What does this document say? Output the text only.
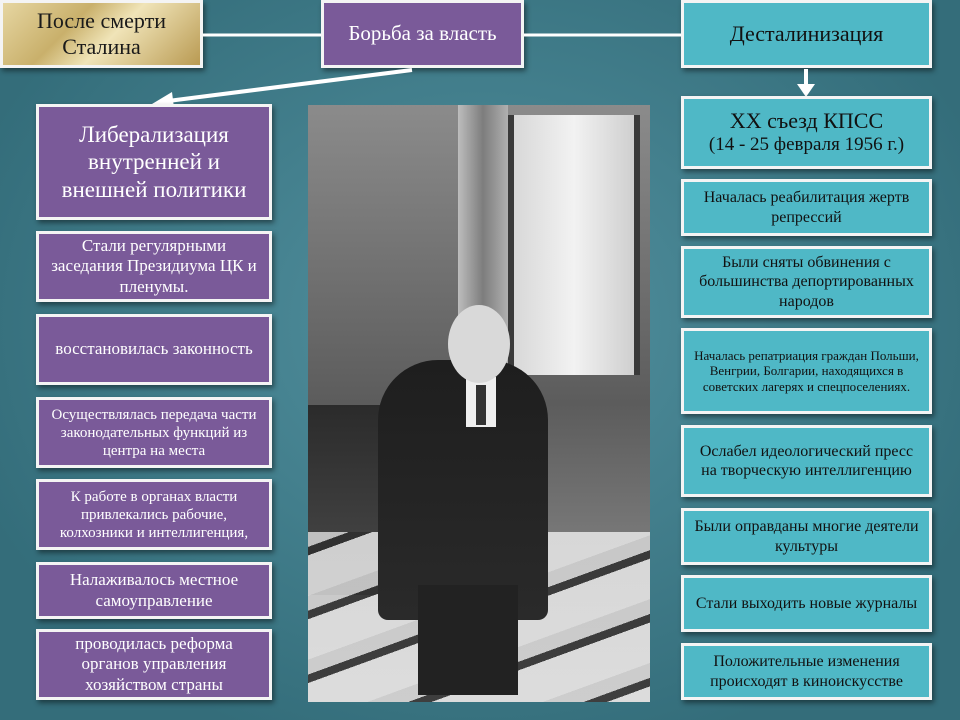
После смерти
Сталина
Борьба за власть	Десталинизация
Либерализация внутренней и внешней политики
Стали регулярными заседания Президиума ЦК и пленумы.
восстановилась законность
Осуществлялась передача части законодательных функций из центра на места
К работе в органах власти привлекались рабочие, колхозники и интеллигенция,
Налаживалось местное самоуправление
проводилась реформа органов управления хозяйством страны
XX съезд КПСС
(14 - 25 февраля 1956 г.)
Началась реабилитация жертв репрессий
Были сняты обвинения с большинства депортированных народов
Началась репатриация граждан Польши, Венгрии, Болгарии, находящихся в советских лагерях и спецпоселениях.
Ослабел идеологический пресс на творческую интеллигенцию
Были оправданы многие деятели культуры
Стали выходить новые журналы
Положительные изменения происходят в киноискусстве
